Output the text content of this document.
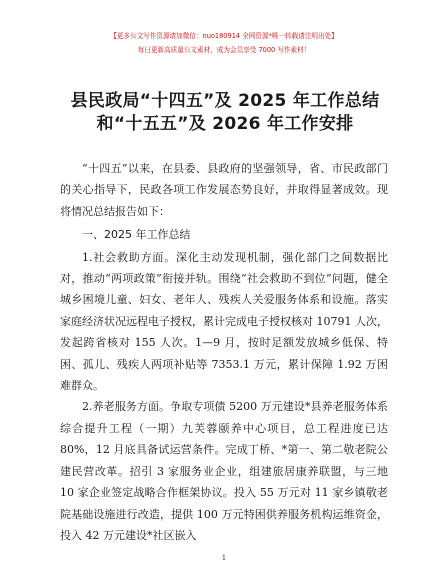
【更多公文写作资源请加微信：nuo180914 全网资源*唯一转载请注明出处】
每日更新高质量公文素材，成为会员享受 7000 写作素材！
县民政局“十四五”及 2025 年工作总结和“十五五”及 2026 年工作安排

“十四五”以来，在县委、县政府的坚强领导，省、市民政部门的关心指导下，民政各项工作发展态势良好，并取得显著成效。现将情况总结报告如下：

一、2025 年工作总结

1.社会救助方面。深化主动发现机制，强化部门之间数据比对，推动“两项政策”衔接并轨。围绕“社会救助不到位”问题，健全城乡困境儿童、妇女、老年人、残疾人关爱服务体系和设施。落实家庭经济状况远程电子授权，累计完成电子授权核对 10791 人次，发起跨省核对 155 人次。1—9 月，按时足额发放城乡低保、特困、孤儿、残疾人两项补贴等 7353.1 万元，累计保障 1.92 万困难群众。

2.养老服务方面。争取专项债 5200 万元建设*县养老服务体系综合提升工程（一期）九芙蓉颐养中心项目，总工程进度已达 80%，12 月底具备试运营条件。完成丁桥、*第一、第二敬老院公建民营改革。招引 3 家服务业企业，组建旅居康养联盟，与三地 10 家企业签定战略合作框架协议。投入 55 万元对 11 家乡镇敬老院基础设施进行改造，提供 100 万元特困供养服务机构运维资金，投入 42 万元建设*社区嵌入

1
